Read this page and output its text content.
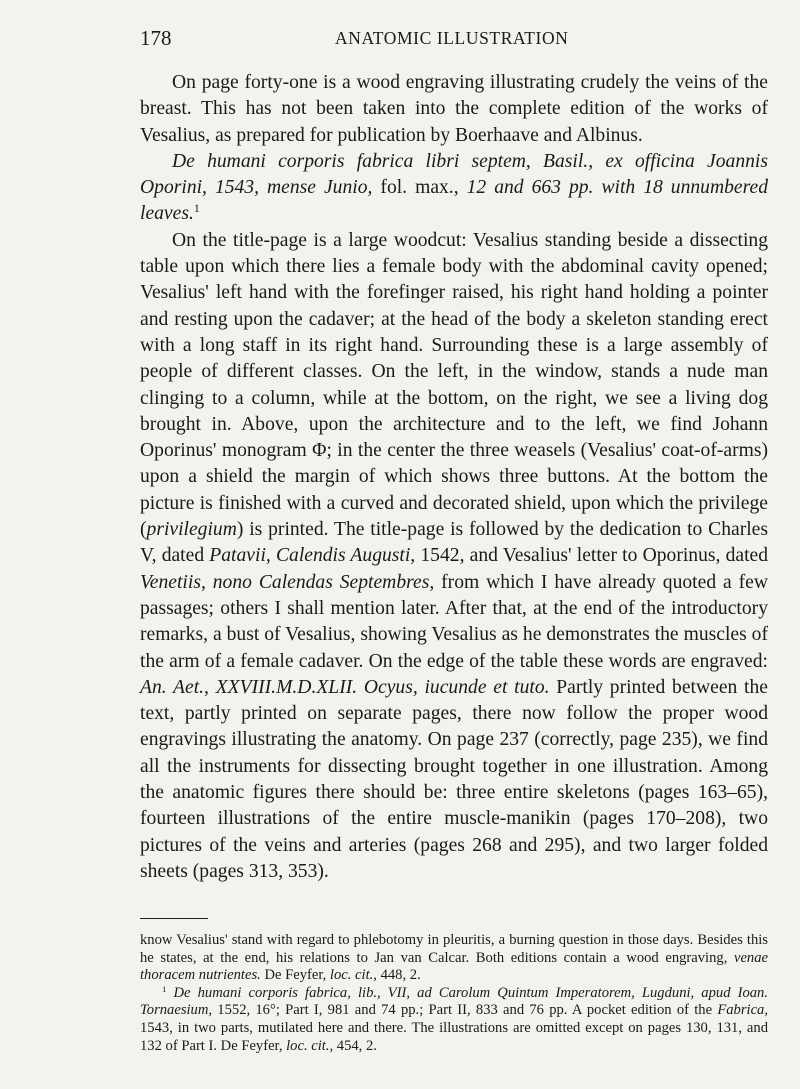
178	ANATOMIC ILLUSTRATION

On page forty-one is a wood engraving illustrating crudely the veins of the breast. This has not been taken into the complete edition of the works of Vesalius, as prepared for publication by Boerhaave and Albinus.

De humani corporis fabrica libri septem, Basil., ex officina Joannis Oporini, 1543, mense Junio, fol. max., 12 and 663 pp. with 18 unnumbered leaves.$^1$

On the title-page is a large woodcut: Vesalius standing beside a dissecting table upon which there lies a female body with the abdominal cavity opened; Vesalius' left hand with the forefinger raised, his right hand holding a pointer and resting upon the cadaver; at the head of the body a skeleton standing erect with a long staff in its right hand. Surrounding these is a large assembly of people of different classes. On the left, in the window, stands a nude man clinging to a column, while at the bottom, on the right, we see a living dog brought in. Above, upon the architecture and to the left, we find Johann Oporinus' monogram Φ; in the center the three weasels (Vesalius' coat-of-arms) upon a shield the margin of which shows three buttons. At the bottom the picture is finished with a curved and decorated shield, upon which the privilege (privilegium) is printed. The title-page is followed by the dedication to Charles V, dated Patavii, Calendis Augusti, 1542, and Vesalius' letter to Oporinus, dated Venetiis, nono Calendas Septembres, from which I have already quoted a few passages; others I shall mention later. After that, at the end of the introductory remarks, a bust of Vesalius, showing Vesalius as he demonstrates the muscles of the arm of a female cadaver. On the edge of the table these words are engraved: An. Aet., XXVIII.M.D.XLII. Ocyus, iucunde et tuto. Partly printed between the text, partly printed on separate pages, there now follow the proper wood engravings illustrating the anatomy. On page 237 (correctly, page 235), we find all the instruments for dissecting brought together in one illustration. Among the anatomic figures there should be: three entire skeletons (pages 163–65), fourteen illustrations of the entire muscle-manikin (pages 170–208), two pictures of the veins and arteries (pages 268 and 295), and two larger folded sheets (pages 313, 353).

know Vesalius' stand with regard to phlebotomy in pleuritis, a burning question in those days. Besides this he states, at the end, his relations to Jan van Calcar. Both editions contain a wood engraving, venae thoracem nutrientes. De Feyfer, loc. cit., 448, 2.

$^1$ De humani corporis fabrica, lib., VII, ad Carolum Quintum Imperatorem, Lugduni, apud Ioan. Tornaesium, 1552, 16°; Part I, 981 and 74 pp.; Part II, 833 and 76 pp. A pocket edition of the Fabrica, 1543, in two parts, mutilated here and there. The illustrations are omitted except on pages 130, 131, and 132 of Part I. De Feyfer, loc. cit., 454, 2.
